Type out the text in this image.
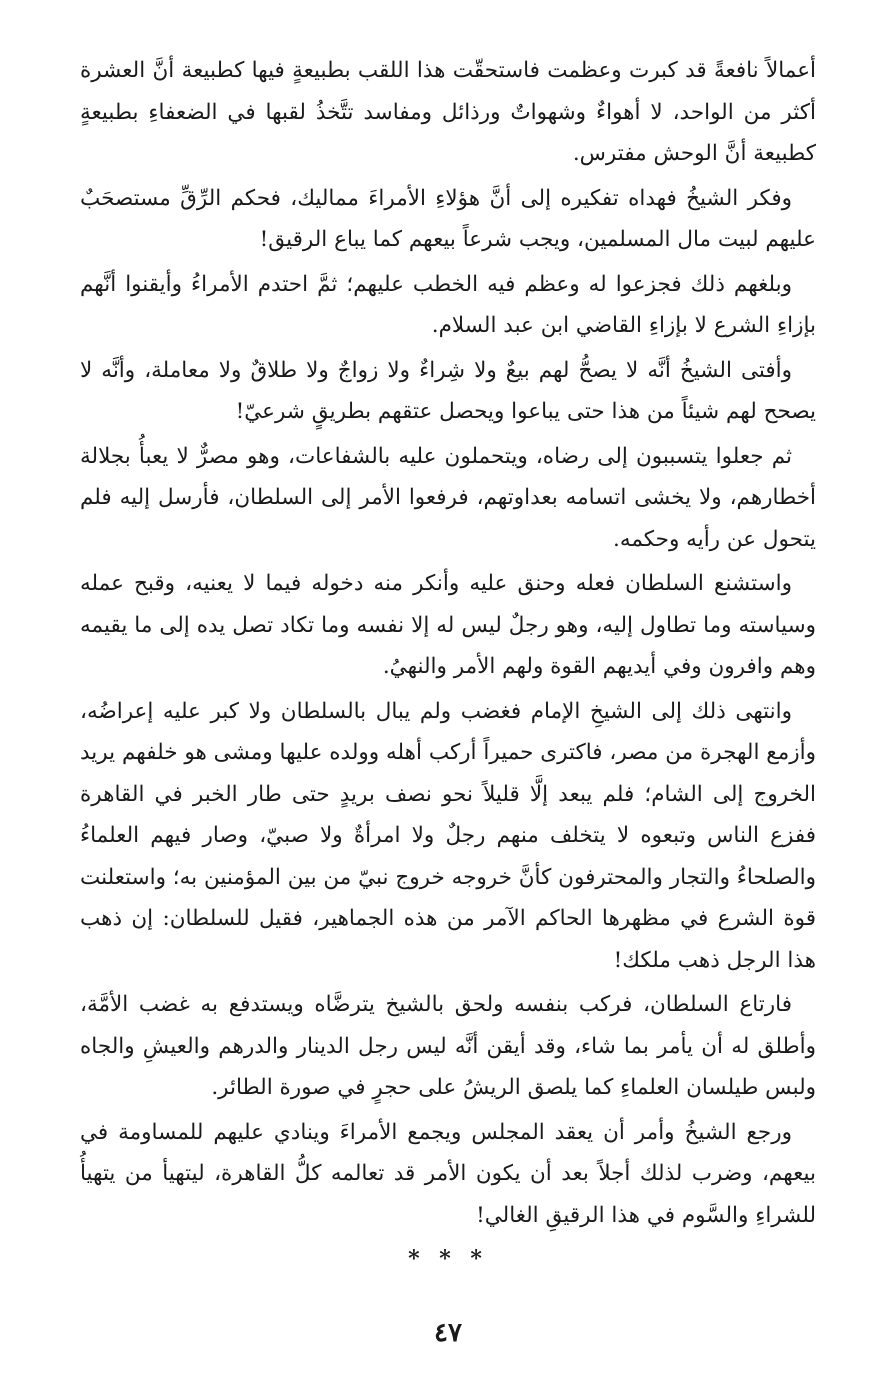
أعمالاً نافعةً قد كبرت وعظمت فاستحقّت هذا اللقب بطبيعةٍ فيها كطبيعة أنَّ العشرة أكثر من الواحد، لا أهواءٌ وشهواتٌ ورذائل ومفاسد تتَّخذُ لقبها في الضعفاءِ بطبيعةٍ كطبيعة أنَّ الوحش مفترس.

وفكر الشيخُ فهداه تفكيره إلى أنَّ هؤلاءِ الأمراءَ مماليك، فحكم الرِّقِّ مستصحَبٌ عليهم لبيت مال المسلمين، ويجب شرعاً بيعهم كما يباع الرقيق!

وبلغهم ذلك فجزعوا له وعظم فيه الخطب عليهم؛ ثمَّ احتدم الأمراءُ وأيقنوا أنَّهم بإزاءِ الشرع لا بإزاءِ القاضي ابن عبد السلام.

وأفتى الشيخُ أنَّه لا يصحُّ لهم بيعٌ ولا شِراءٌ ولا زواجٌ ولا طلاقٌ ولا معاملة، وأنَّه لا يصحح لهم شيئاً من هذا حتى يباعوا ويحصل عتقهم بطريقٍ شرعيّ!

ثم جعلوا يتسببون إلى رضاه، ويتحملون عليه بالشفاعات، وهو مصرٌّ لا يعبأُ بجلالة أخطارهم، ولا يخشى اتسامه بعداوتهم، فرفعوا الأمر إلى السلطان، فأرسل إليه فلم يتحول عن رأيه وحكمه.

واستشنع السلطان فعله وحنق عليه وأنكر منه دخوله فيما لا يعنيه، وقبح عمله وسياسته وما تطاول إليه، وهو رجلٌ ليس له إلا نفسه وما تكاد تصل يده إلى ما يقيمه وهم وافرون وفي أيديهم القوة ولهم الأمر والنهيُ.

وانتهى ذلك إلى الشيخِ الإمام فغضب ولم يبال بالسلطان ولا كبر عليه إعراضُه، وأزمع الهجرة من مصر، فاكترى حميراً أركب أهله وولده عليها ومشى هو خلفهم يريد الخروج إلى الشام؛ فلم يبعد إلَّا قليلاً نحو نصف بريدٍ حتى طار الخبر في القاهرة ففزع الناس وتبعوه لا يتخلف منهم رجلٌ ولا امرأةٌ ولا صبيّ، وصار فيهم العلماءُ والصلحاءُ والتجار والمحترفون كأنَّ خروجه خروج نبيّ من بين المؤمنين به؛ واستعلنت قوة الشرع في مظهرها الحاكم الآمر من هذه الجماهير، فقيل للسلطان: إن ذهب هذا الرجل ذهب ملكك!

فارتاع السلطان، فركب بنفسه ولحق بالشيخ يترضَّاه ويستدفع به غضب الأمَّة، وأطلق له أن يأمر بما شاء، وقد أيقن أنَّه ليس رجل الدينار والدرهم والعيشِ والجاه ولبس طيلسان العلماءِ كما يلصق الريشُ على حجرٍ في صورة الطائر.

ورجع الشيخُ وأمر أن يعقد المجلس ويجمع الأمراءَ وينادي عليهم للمساومة في بيعهم، وضرب لذلك أجلاً بعد أن يكون الأمر قد تعالمه كلُّ القاهرة، ليتهيأ من يتهيأُ للشراءِ والسَّوم في هذا الرقيقِ الغالي!

* * *
٤٧
